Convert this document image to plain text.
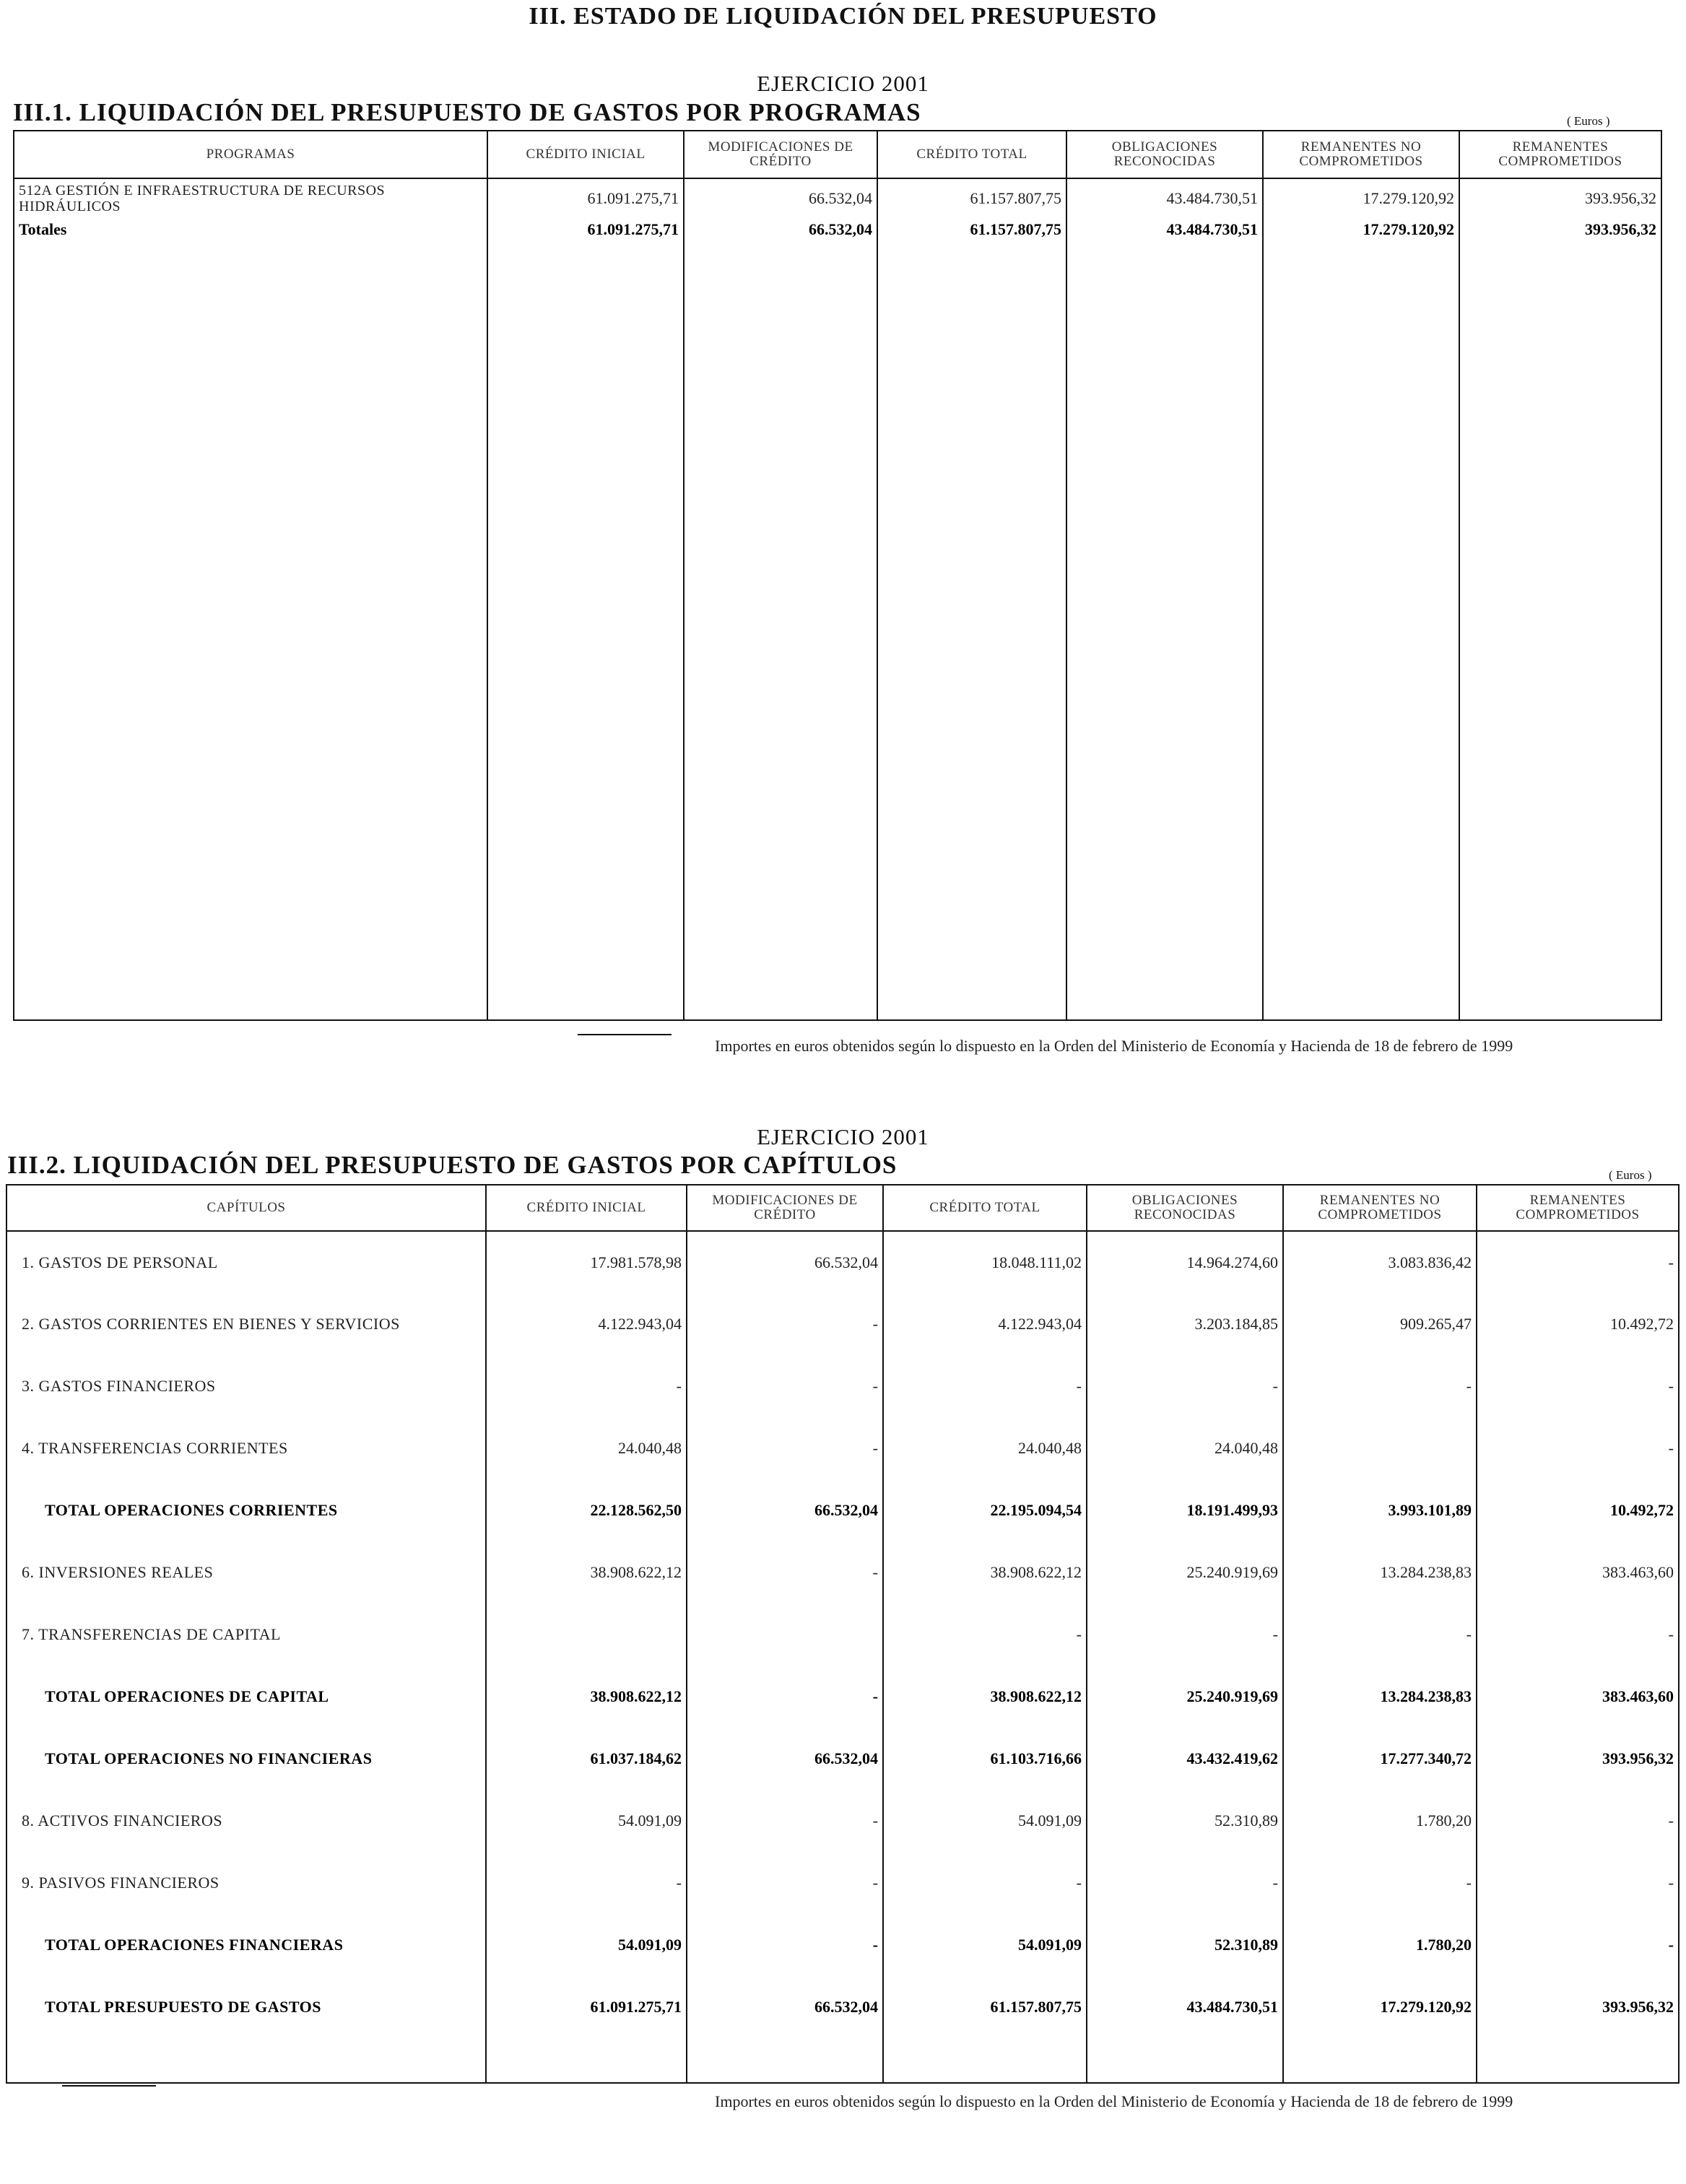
III. ESTADO DE LIQUIDACIÓN DEL PRESUPUESTO
EJERCICIO 2001
III.1. LIQUIDACIÓN DEL PRESUPUESTO DE GASTOS POR PROGRAMAS	( Euros )
PROGRAMAS	CRÉDITO INICIAL	MODIFICACIONES DE CRÉDITO	CRÉDITO TOTAL	OBLIGACIONES RECONOCIDAS	REMANENTES NO COMPROMETIDOS	REMANENTES COMPROMETIDOS
512A GESTIÓN E INFRAESTRUCTURA DE RECURSOS HIDRÁULICOS	61.091.275,71	66.532,04	61.157.807,75	43.484.730,51	17.279.120,92	393.956,32
Totales	61.091.275,71	66.532,04	61.157.807,75	43.484.730,51	17.279.120,92	393.956,32

Importes en euros obtenidos según lo dispuesto en la Orden del Ministerio de Economía y Hacienda de 18 de febrero de 1999
EJERCICIO 2001
III.2. LIQUIDACIÓN DEL PRESUPUESTO DE GASTOS POR CAPÍTULOS	( Euros )
CAPÍTULOS	CRÉDITO INICIAL	MODIFICACIONES DE CRÉDITO	CRÉDITO TOTAL	OBLIGACIONES RECONOCIDAS	REMANENTES NO COMPROMETIDOS	REMANENTES COMPROMETIDOS
1. GASTOS DE PERSONAL	17.981.578,98	66.532,04	18.048.111,02	14.964.274,60	3.083.836,42	-
2. GASTOS CORRIENTES EN BIENES Y SERVICIOS	4.122.943,04	-	4.122.943,04	3.203.184,85	909.265,47	10.492,72
3. GASTOS FINANCIEROS	-	-	-	-	-	-
4. TRANSFERENCIAS CORRIENTES	24.040,48	-	24.040,48	24.040,48		-
TOTAL OPERACIONES CORRIENTES	22.128.562,50	66.532,04	22.195.094,54	18.191.499,93	3.993.101,89	10.492,72
6. INVERSIONES REALES	38.908.622,12	-	38.908.622,12	25.240.919,69	13.284.238,83	383.463,60
7. TRANSFERENCIAS DE CAPITAL			-	-	-	-
TOTAL OPERACIONES DE CAPITAL	38.908.622,12	-	38.908.622,12	25.240.919,69	13.284.238,83	383.463,60
TOTAL OPERACIONES NO FINANCIERAS	61.037.184,62	66.532,04	61.103.716,66	43.432.419,62	17.277.340,72	393.956,32
8. ACTIVOS FINANCIEROS	54.091,09	-	54.091,09	52.310,89	1.780,20	-
9. PASIVOS FINANCIEROS	-	-	-	-	-	-
TOTAL OPERACIONES FINANCIERAS	54.091,09	-	54.091,09	52.310,89	1.780,20	-
TOTAL PRESUPUESTO DE GASTOS	61.091.275,71	66.532,04	61.157.807,75	43.484.730,51	17.279.120,92	393.956,32

Importes en euros obtenidos según lo dispuesto en la Orden del Ministerio de Economía y Hacienda de 18 de febrero de 1999
